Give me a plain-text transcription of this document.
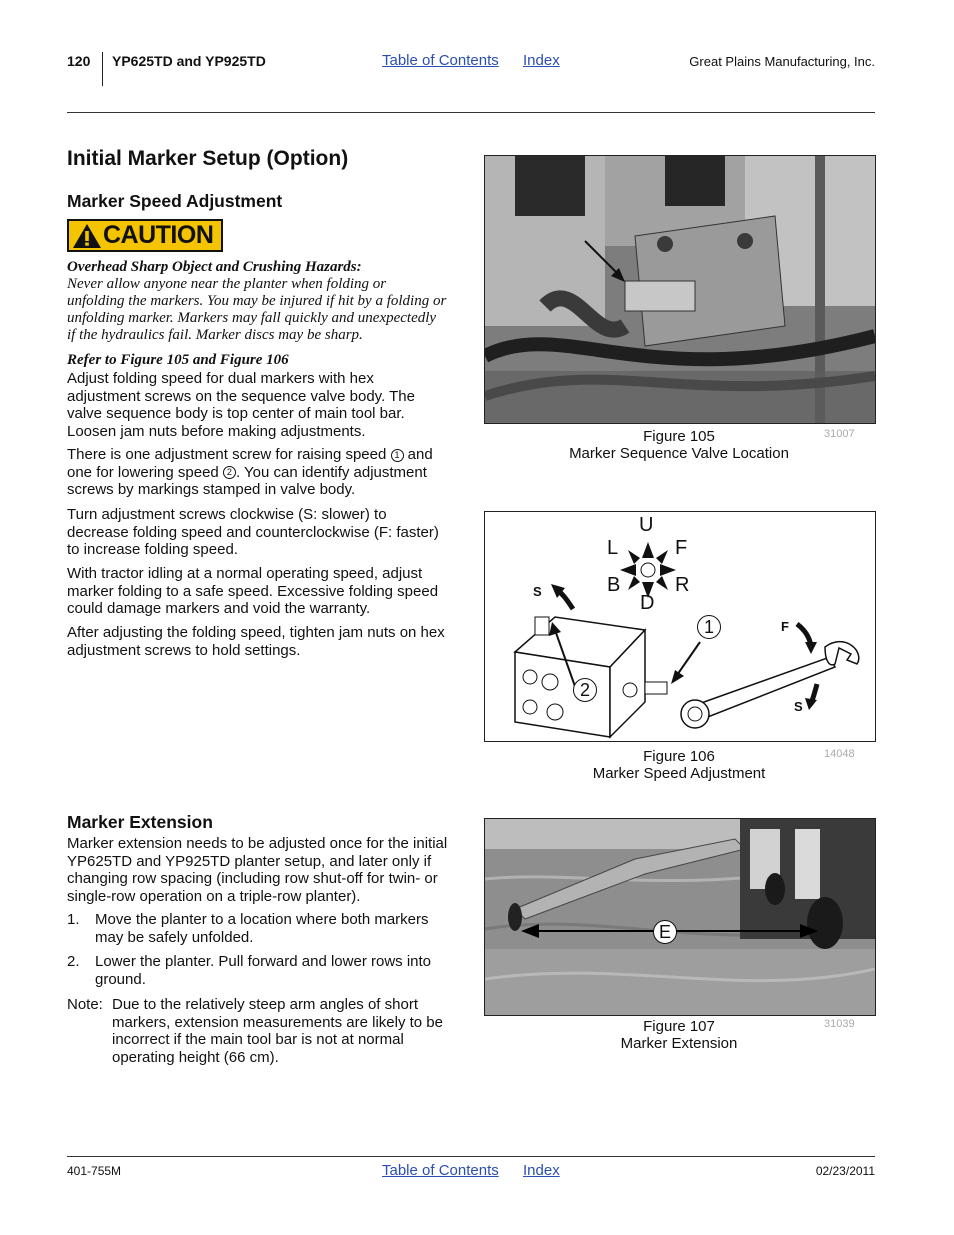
120 YP625TD and YP925TD	Table of Contents Index	Great Plains Manufacturing, Inc.
Initial Marker Setup (Option)
Marker Speed Adjustment
CAUTION
Overhead Sharp Object and Crushing Hazards:
Never allow anyone near the planter when folding or
unfolding the markers. You may be injured if hit by a folding or
unfolding marker. Markers may fall quickly and unexpectedly
if the hydraulics fail. Marker discs may be sharp.
Refer to Figure 105 and Figure 106
Adjust folding speed for dual markers with hex
adjustment screws on the sequence valve body. The
valve sequence body is top center of main tool bar.
Loosen jam nuts before making adjustments.
There is one adjustment screw for raising speed 1 and
one for lowering speed 2 . You can identify adjustment
screws by markings stamped in valve body.
Turn adjustment screws clockwise (S: slower) to
decrease folding speed and counterclockwise (F: faster)
to increase folding speed.
With tractor idling at a normal operating speed, adjust
marker folding to a safe speed. Excessive folding speed
could damage markers and void the warranty.
After adjusting the folding speed, tighten jam nuts on hex
adjustment screws to hold settings.
Marker Extension
Marker extension needs to be adjusted once for the initial
YP625TD and YP925TD planter setup, and later only if
changing row spacing (including row shut-off for twin- or
single-row operation on a triple-row planter).
1. Move the planter to a location where both markers
may be safely unfolded.
2. Lower the planter. Pull forward and lower rows into
ground.
Note: Due to the relatively steep arm angles of short
markers, extension measurements are likely to be
incorrect if the main tool bar is not at normal
operating height (66 cm).
Figure 105
Marker Sequence Valve Location
31007
U
L	F
B	R
D
S
F
S
1
2
Figure 106
Marker Speed Adjustment
14048
E
Figure 107
Marker Extension
31039
401-755M	Table of Contents Index	02/23/2011
